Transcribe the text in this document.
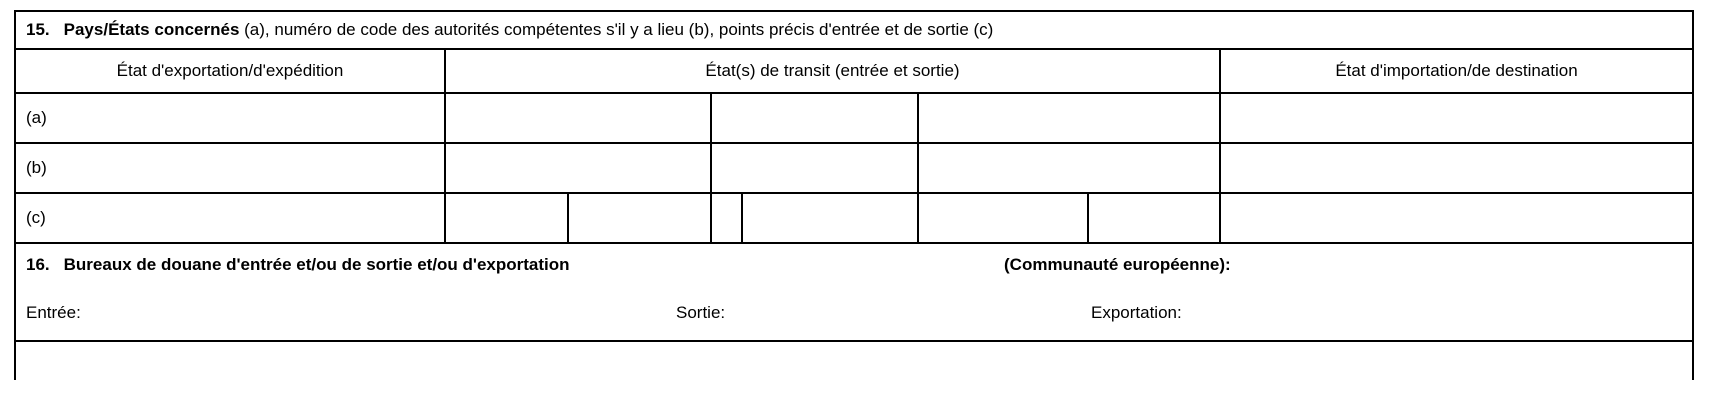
15. Pays/États concernés
(a), numéro de code des autorités compétentes s'il y a lieu (b), points précis d'entrée et de sortie (c)
État d'exportation/d'expédition	État(s) de transit (entrée et sortie)	État d'importation/de destination
(a)
(b)
(c)
16. Bureaux de douane d'entrée et/ou de sortie et/ou d'exportation	(Communauté européenne):
Entrée:	Sortie:	Exportation:
